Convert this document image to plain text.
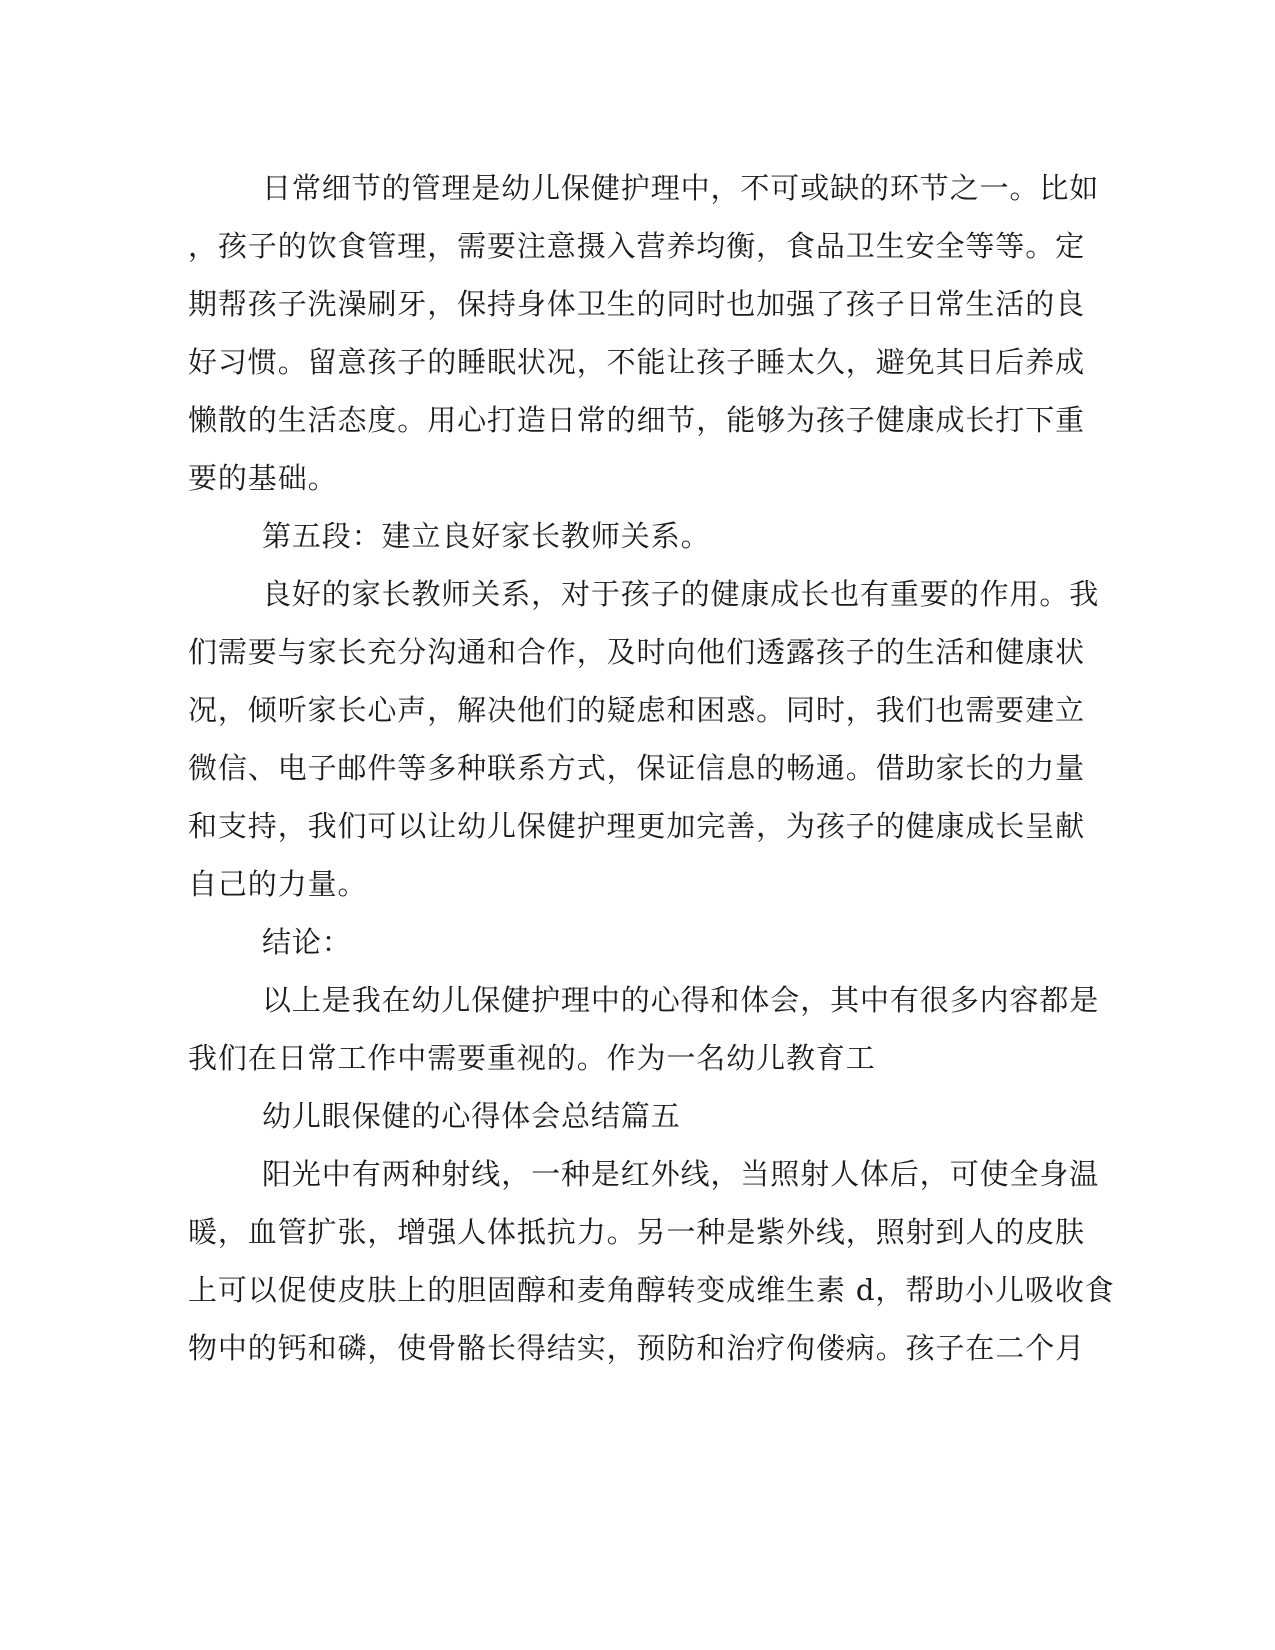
日常细节的管理是幼儿保健护理中，不可或缺的环节之一。比如
，孩子的饮食管理，需要注意摄入营养均衡，食品卫生安全等等。定
期帮孩子洗澡刷牙，保持身体卫生的同时也加强了孩子日常生活的良
好习惯。留意孩子的睡眠状况，不能让孩子睡太久，避免其日后养成
懒散的生活态度。用心打造日常的细节，能够为孩子健康成长打下重
要的基础。
第五段：建立良好家长教师关系。
良好的家长教师关系，对于孩子的健康成长也有重要的作用。我
们需要与家长充分沟通和合作，及时向他们透露孩子的生活和健康状
况，倾听家长心声，解决他们的疑虑和困惑。同时，我们也需要建立
微信、电子邮件等多种联系方式，保证信息的畅通。借助家长的力量
和支持，我们可以让幼儿保健护理更加完善，为孩子的健康成长呈献
自己的力量。
结论：
以上是我在幼儿保健护理中的心得和体会，其中有很多内容都是
我们在日常工作中需要重视的。作为一名幼儿教育工
幼儿眼保健的心得体会总结篇五
阳光中有两种射线，一种是红外线，当照射人体后，可使全身温
暖，血管扩张，增强人体抵抗力。另一种是紫外线，照射到人的皮肤
上可以促使皮肤上的胆固醇和麦角醇转变成维生素 d，帮助小儿吸收食
物中的钙和磷，使骨骼长得结实，预防和治疗佝偻病。孩子在二个月
